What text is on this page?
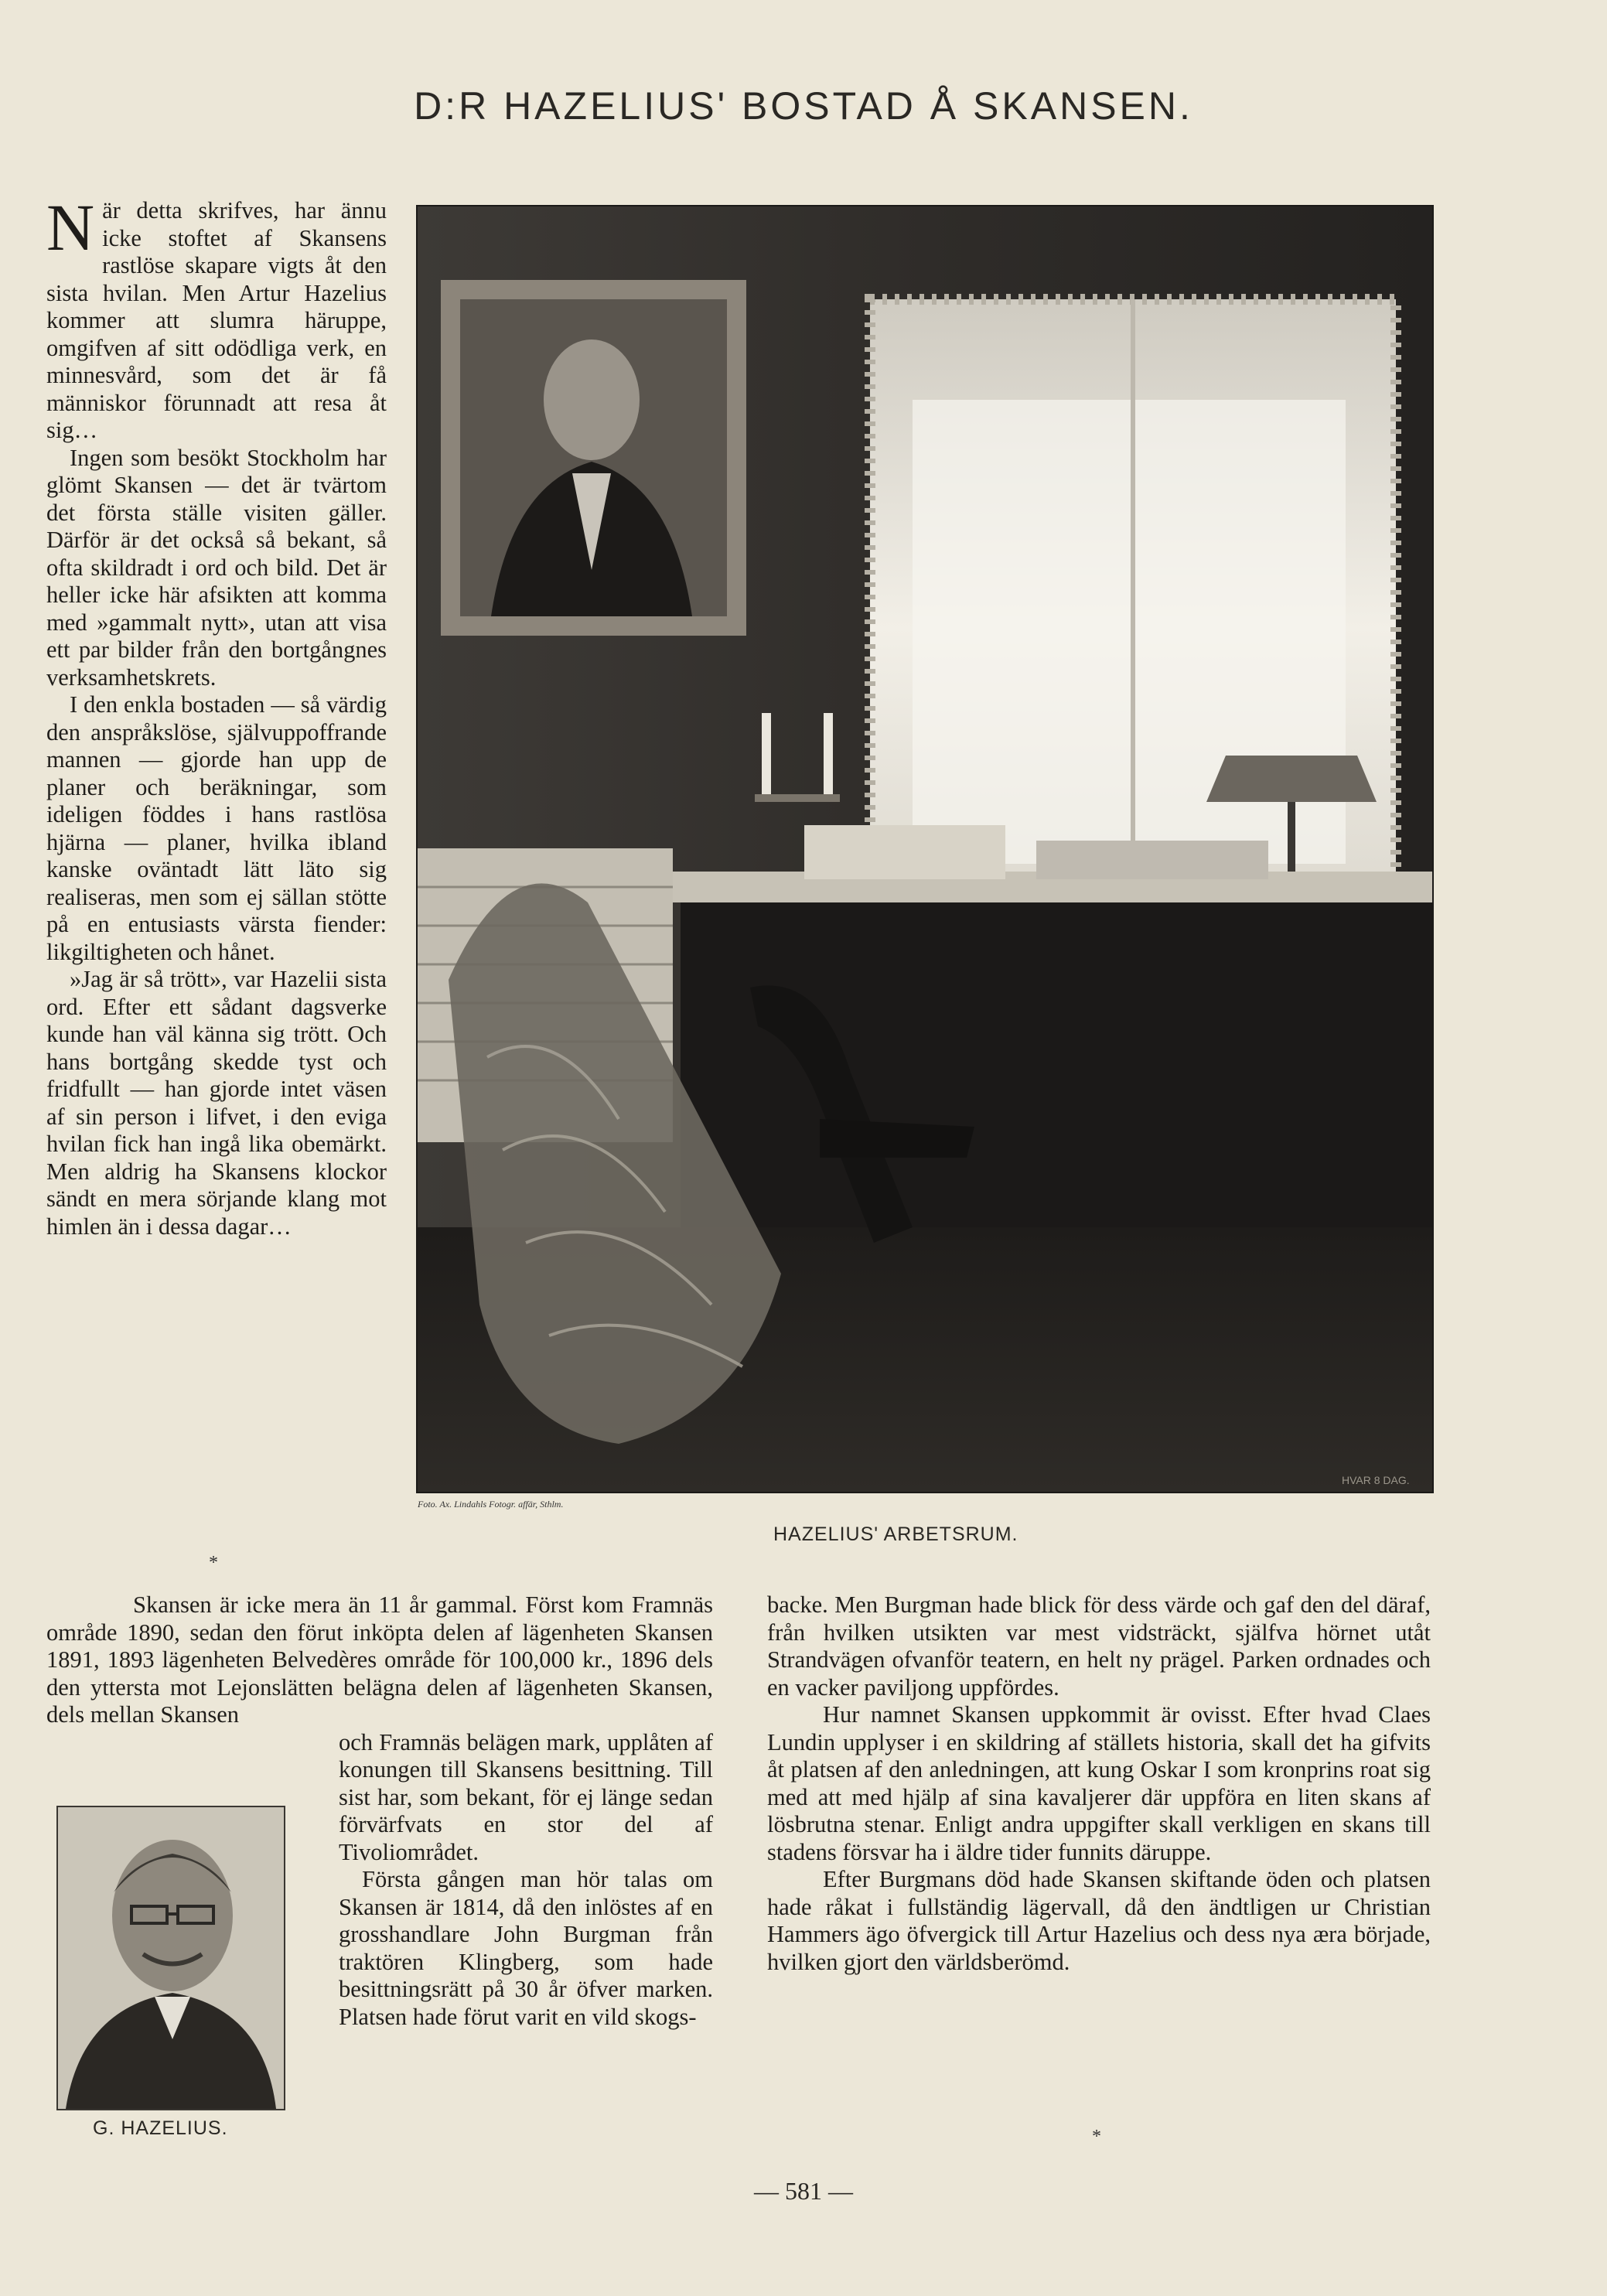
D:R HAZELIUS' BOSTAD Å SKANSEN.

När detta skrifves, har ännu icke stoftet af Skansens rastlöse skapare vigts åt den sista hvilan. Men Artur Hazelius kommer att slumra häruppe, omgifven af sitt odödliga verk, en minnesvård, som det är få människor förunnadt att resa åt sig…

Ingen som besökt Stockholm har glömt Skansen — det är tvärtom det första ställe visiten gäller. Därför är det också så bekant, så ofta skildradt i ord och bild. Det är heller icke här afsikten att komma med »gammalt nytt», utan att visa ett par bilder från den bortgångnes verksamhetskrets.

I den enkla bostaden — så värdig den anspråkslöse, självuppoffrande mannen — gjorde han upp de planer och beräkningar, som ideligen föddes i hans rastlösa hjärna — planer, hvilka ibland kanske oväntadt lätt läto sig realiseras, men som ej sällan stötte på en entusiasts värsta fiender: likgiltigheten och hånet.

»Jag är så trött», var Hazelii sista ord. Efter ett sådant dagsverke kunde han väl känna sig trött. Och hans bortgång skedde tyst och fridfullt — han gjorde intet väsen af sin person i lifvet, i den eviga hvilan fick han ingå lika obemärkt. Men aldrig ha Skansens klockor sändt en mera sörjande klang mot himlen än i dessa dagar…

HVAR 8 DAG.
Foto. Ax. Lindahls Fotogr. affär, Sthlm.
HAZELIUS' ARBETSRUM.
*

Skansen är icke mera än 11 år gammal. Först kom Framnäs område 1890, sedan den förut inköpta delen af lägenheten Skansen 1891, 1893 lägenheten Belvedères område för 100,000 kr., 1896 dels den yttersta mot Lejonslätten belägna delen af lägenheten Skansen, dels mellan Skansen

och Framnäs belägen mark, upplåten af konungen till Skansens besittning. Till sist har, som bekant, för ej länge sedan förvärfvats en stor del af Tivoliområdet.

Första gången man hör talas om Skansen är 1814, då den inlöstes af en grosshandlare John Burgman från traktören Klingberg, som hade besittningsrätt på 30 år öfver marken. Platsen hade förut varit en vild skogs-

G. HAZELIUS.

backe. Men Burgman hade blick för dess värde och gaf den del däraf, från hvilken utsikten var mest vidsträckt, själfva hörnet utåt Strandvägen ofvanför teatern, en helt ny prägel. Parken ordnades och en vacker paviljong uppfördes.

Hur namnet Skansen uppkommit är ovisst. Efter hvad Claes Lundin upplyser i en skildring af ställets historia, skall det ha gifvits åt platsen af den anledningen, att kung Oskar I som kronprins roat sig med att med hjälp af sina kavaljerer där uppföra en liten skans af lösbrutna stenar. Enligt andra uppgifter skall verkligen en skans till stadens försvar ha i äldre tider funnits däruppe.

Efter Burgmans död hade Skansen skiftande öden och platsen hade råkat i fullständig lägervall, då den ändtligen ur Christian Hammers ägo öfvergick till Artur Hazelius och dess nya æra började, hvilken gjort den världsberömd.

*
— 581 —
